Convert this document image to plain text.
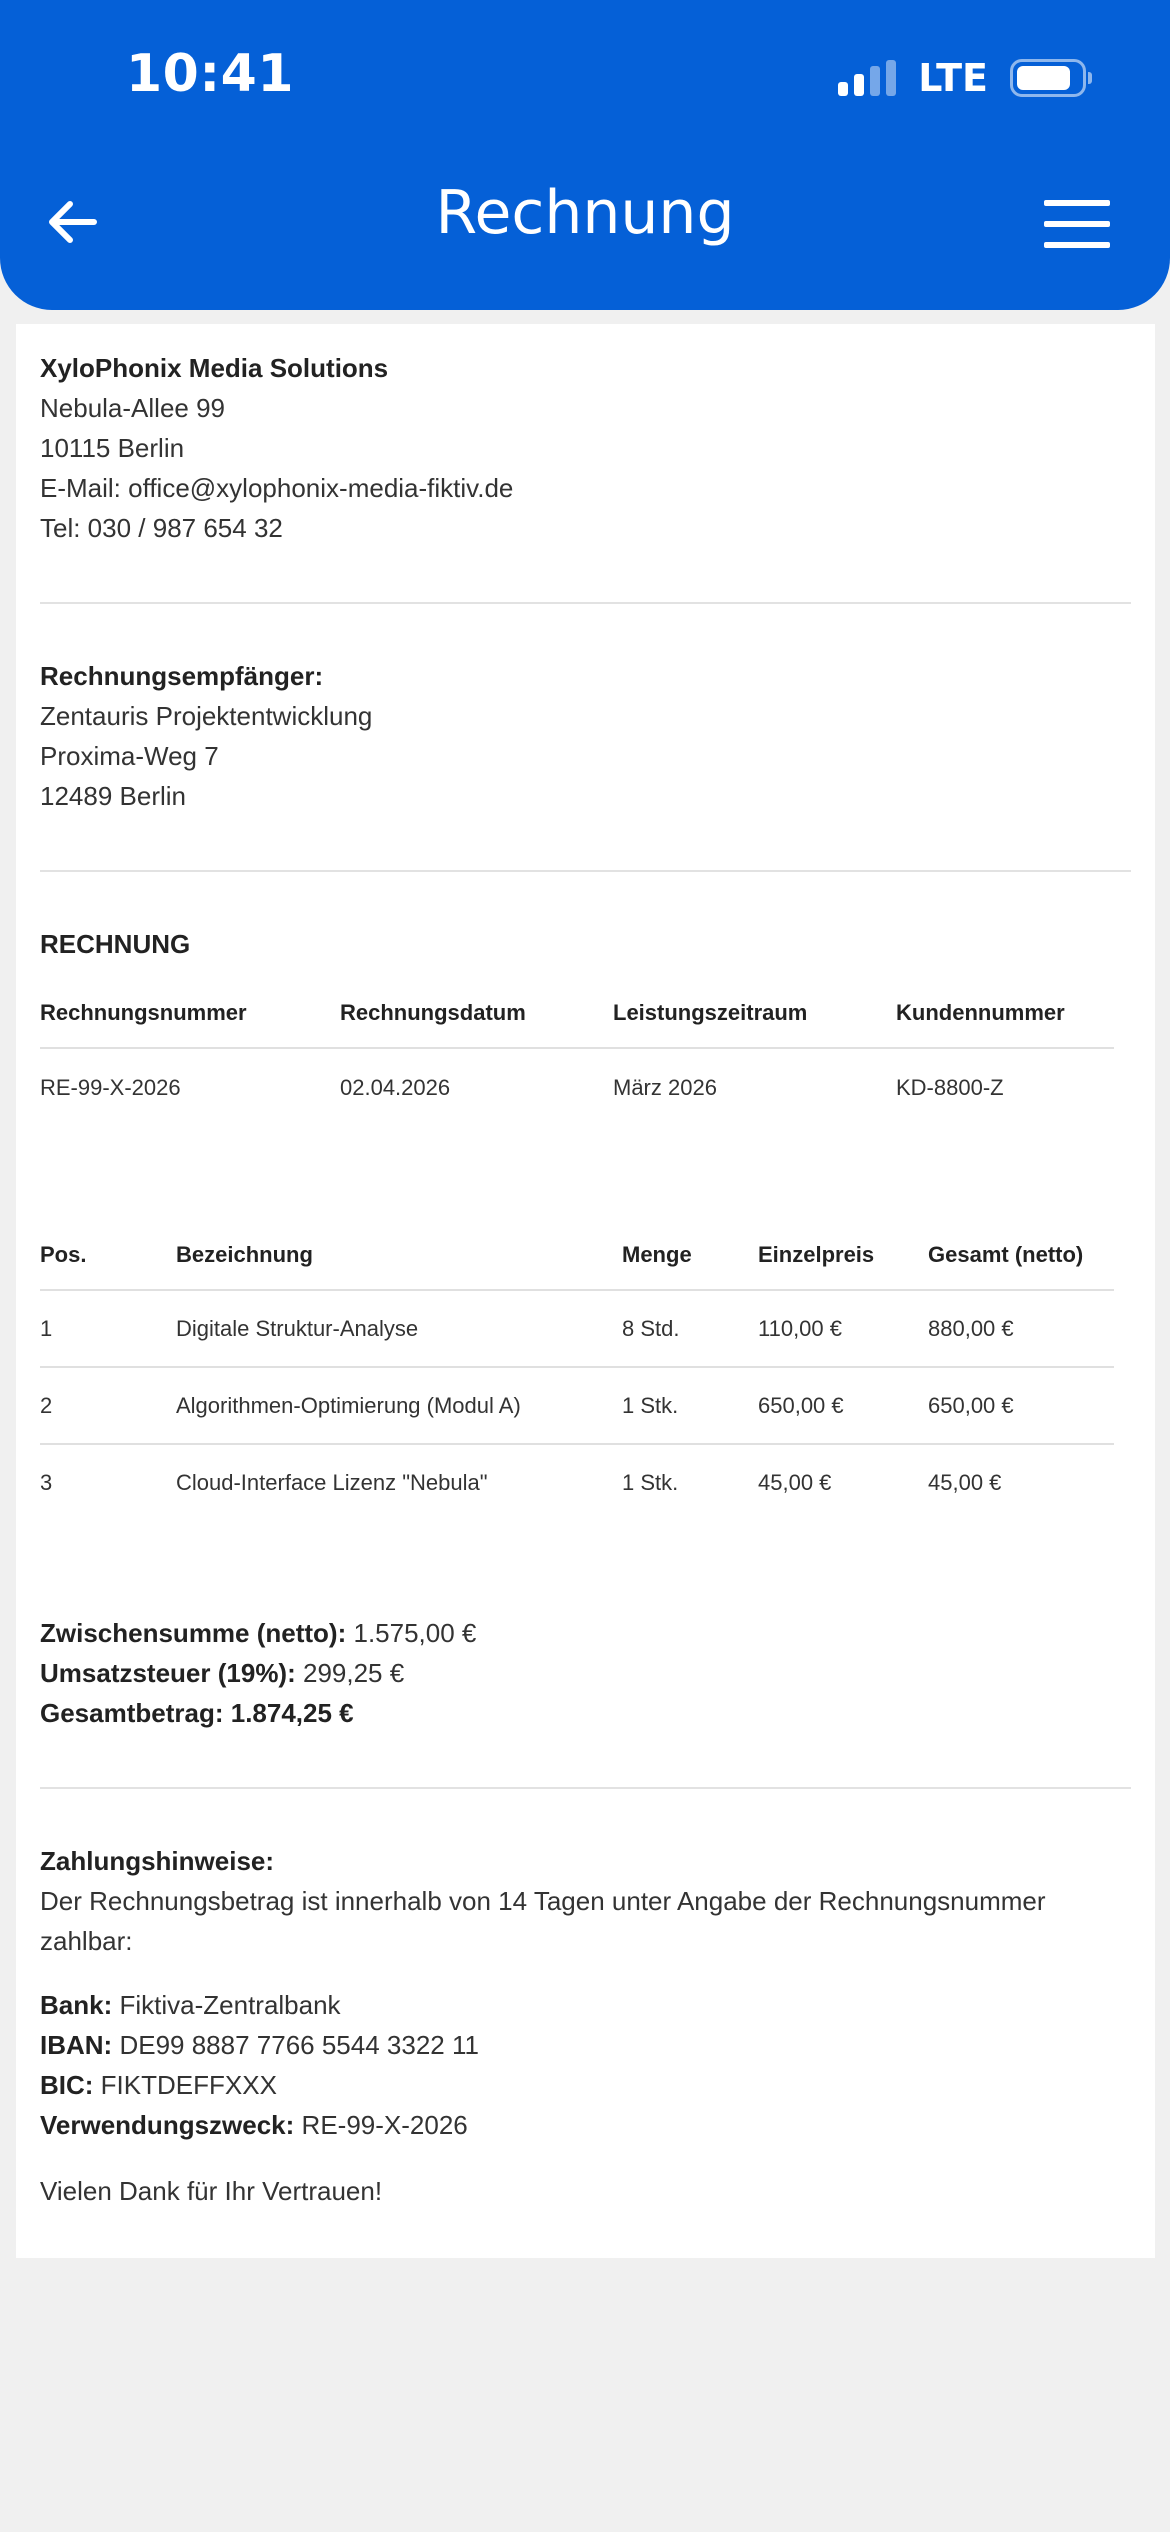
10:41	LTE
Rechnung
XyloPhonix Media Solutions
Nebula-Allee 99
10115 Berlin
E-Mail: office@xylophonix-media-fiktiv.de
Tel: 030 / 987 654 32
Rechnungsempfänger:
Zentauris Projektentwicklung
Proxima-Weg 7
12489 Berlin
RECHNUNG
Rechnungsnummer	Rechnungsdatum	Leistungszeitraum	Kundennummer
RE-99-X-2026	02.04.2026	März 2026	KD-8800-Z
Pos.	Bezeichnung	Menge	Einzelpreis	Gesamt (netto)
1	Digitale Struktur-Analyse	8 Std.	110,00 €	880,00 €
2	Algorithmen-Optimierung (Modul A)	1 Stk.	650,00 €	650,00 €
3	Cloud-Interface Lizenz "Nebula"	1 Stk.	45,00 €	45,00 €
Zwischensumme (netto): 1.575,00 €
Umsatzsteuer (19%): 299,25 €
Gesamtbetrag: 1.874,25 €
Zahlungshinweise:
Der Rechnungsbetrag ist innerhalb von 14 Tagen unter Angabe der Rechnungsnummer zahlbar:
Bank: Fiktiva-Zentralbank
IBAN: DE99 8887 7766 5544 3322 11
BIC: FIKTDEFFXXX
Verwendungszweck: RE-99-X-2026
Vielen Dank für Ihr Vertrauen!
